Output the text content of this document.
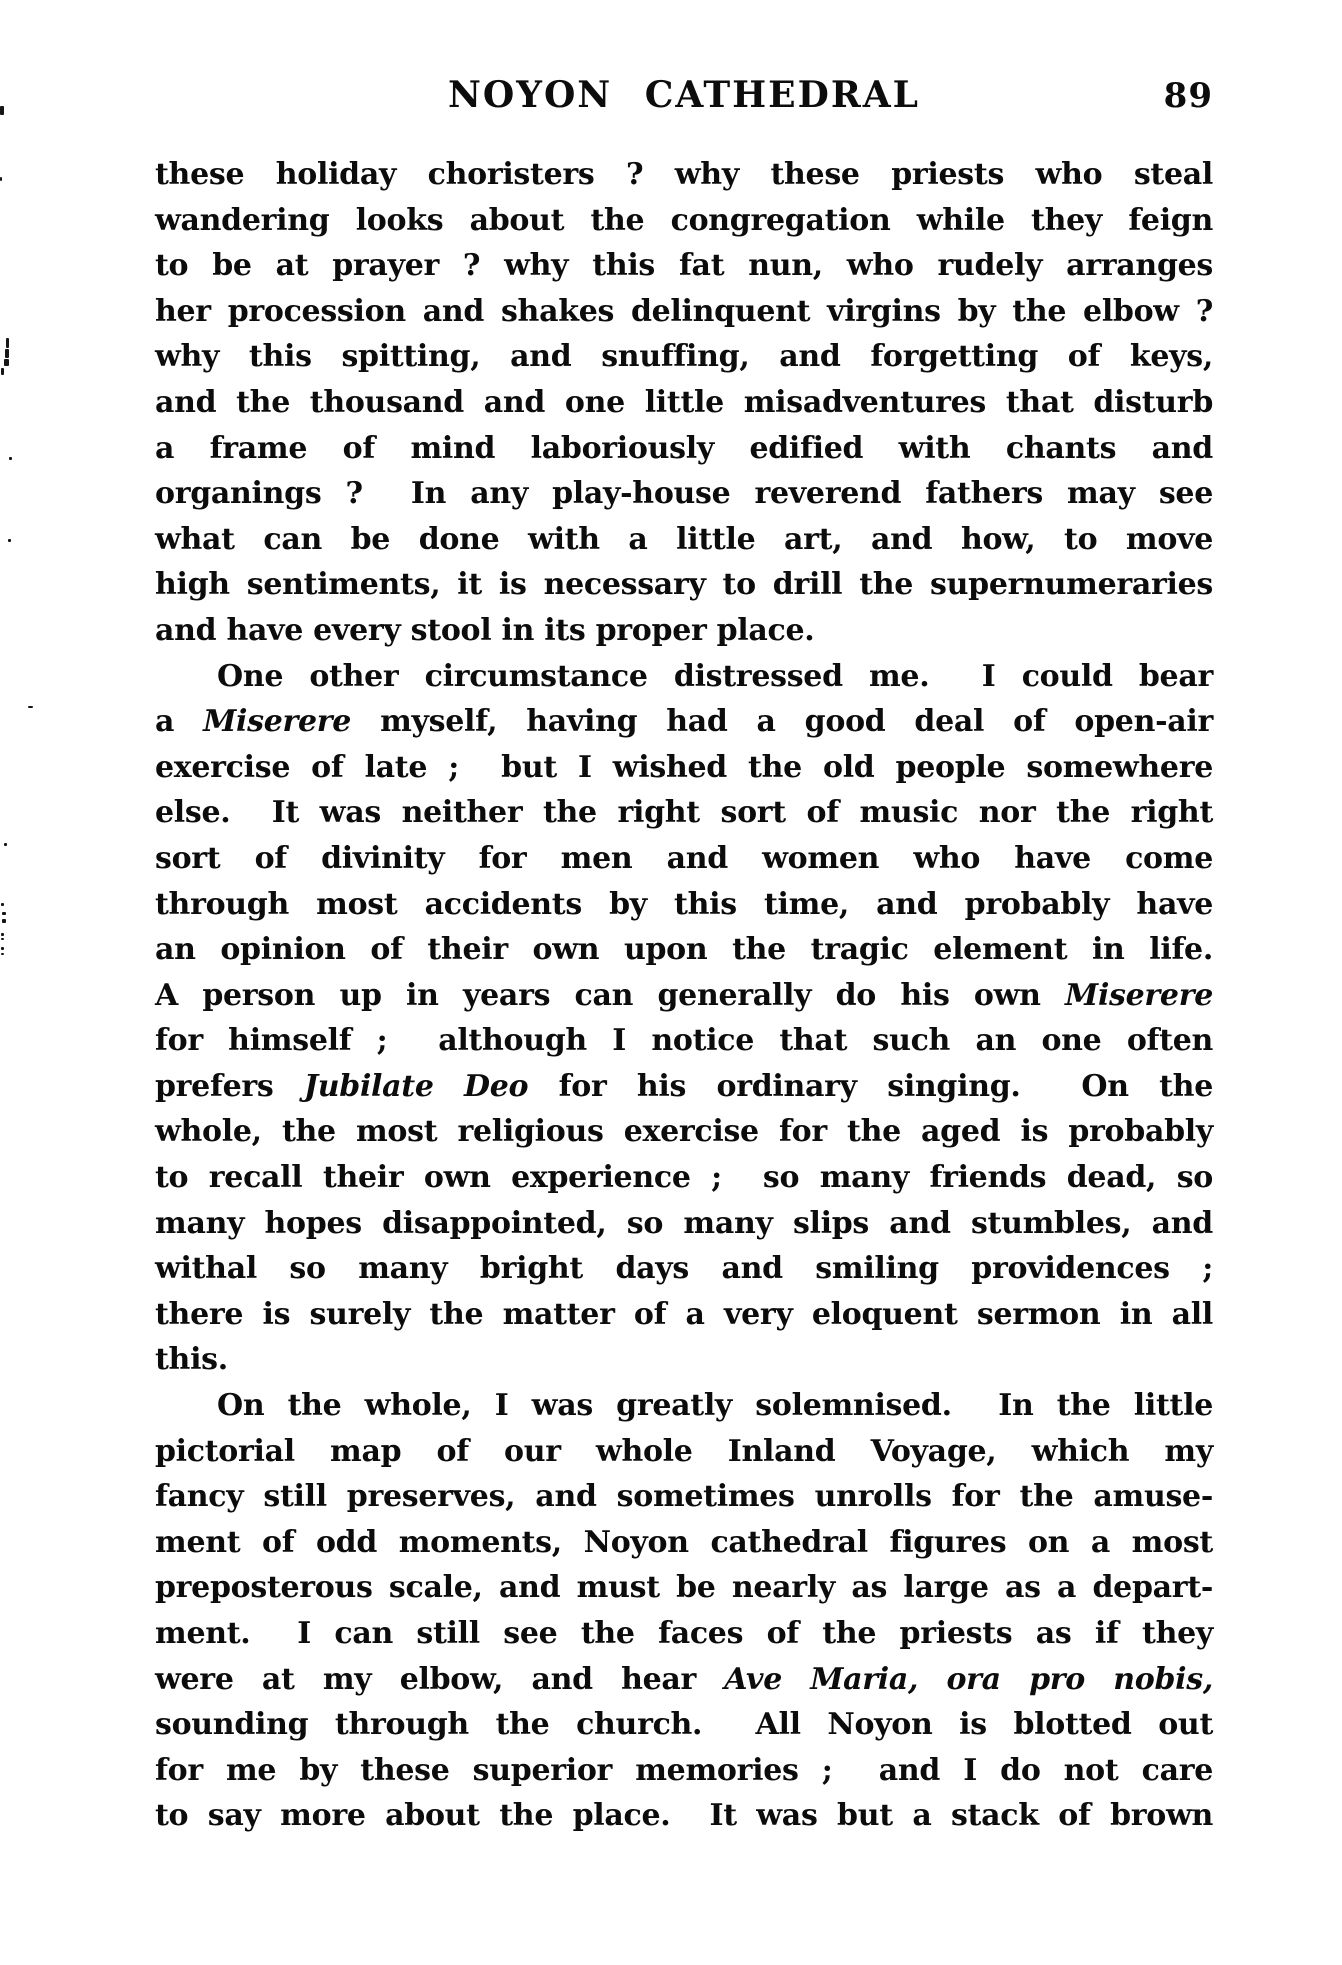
NOYON CATHEDRAL	89
these holiday choristers ? why these priests who steal
wandering looks about the congregation while they feign
to be at prayer ? why this fat nun, who rudely arranges
her procession and shakes delinquent virgins by the elbow ?
why this spitting, and snuffing, and forgetting of keys,
and the thousand and one little misadventures that disturb
a frame of mind laboriously edified with chants and
organings ?  In any play-house reverend fathers may see
what can be done with a little art, and how, to move
high sentiments, it is necessary to drill the supernumeraries
and have every stool in its proper place.
One other circumstance distressed me.  I could bear
a Miserere myself, having had a good deal of open-air
exercise of late ;  but I wished the old people somewhere
else.  It was neither the right sort of music nor the right
sort of divinity for men and women who have come
through most accidents by this time, and probably have
an opinion of their own upon the tragic element in life.
A person up in years can generally do his own Miserere
for himself ;  although I notice that such an one often
prefers Jubilate Deo for his ordinary singing.  On the
whole, the most religious exercise for the aged is probably
to recall their own experience ;  so many friends dead, so
many hopes disappointed, so many slips and stumbles, and
withal so many bright days and smiling providences ;
there is surely the matter of a very eloquent sermon in all
this.
On the whole, I was greatly solemnised.  In the little
pictorial map of our whole Inland Voyage, which my
fancy still preserves, and sometimes unrolls for the amuse-
ment of odd moments, Noyon cathedral figures on a most
preposterous scale, and must be nearly as large as a depart-
ment.  I can still see the faces of the priests as if they
were at my elbow, and hear Ave Maria, ora pro nobis,
sounding through the church.  All Noyon is blotted out
for me by these superior memories ;  and I do not care
to say more about the place.  It was but a stack of brown
